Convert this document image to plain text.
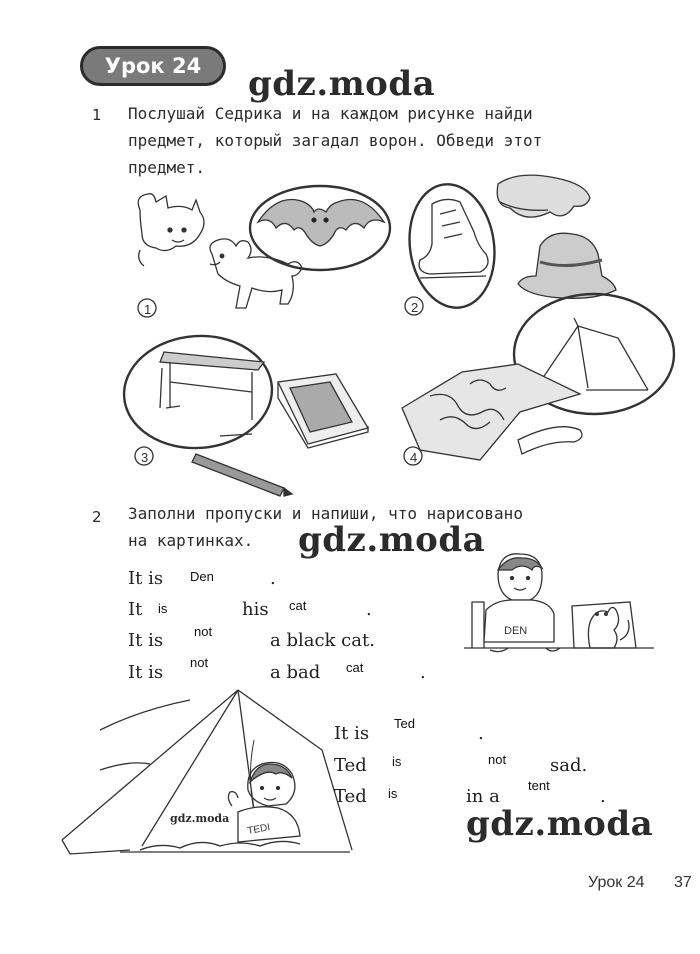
Урок 24	gdz.moda
gdz.moda
gdz.moda
gdz.moda
1 Послушай Седрика и на каждом рисунке найди
предмет, который загадал ворон. Обведи этот
предмет.
1	2
3	4
2 Заполни пропуски и напиши, что нарисовано
на картинках.
It is Den	.
It is	his cat	.
It is not	a black cat.
It is not	a bad cat	.
DEN
TEDI
It is Ted	.
Ted is	not sad.
Ted is	in a
tent
.
Урок 24 37
